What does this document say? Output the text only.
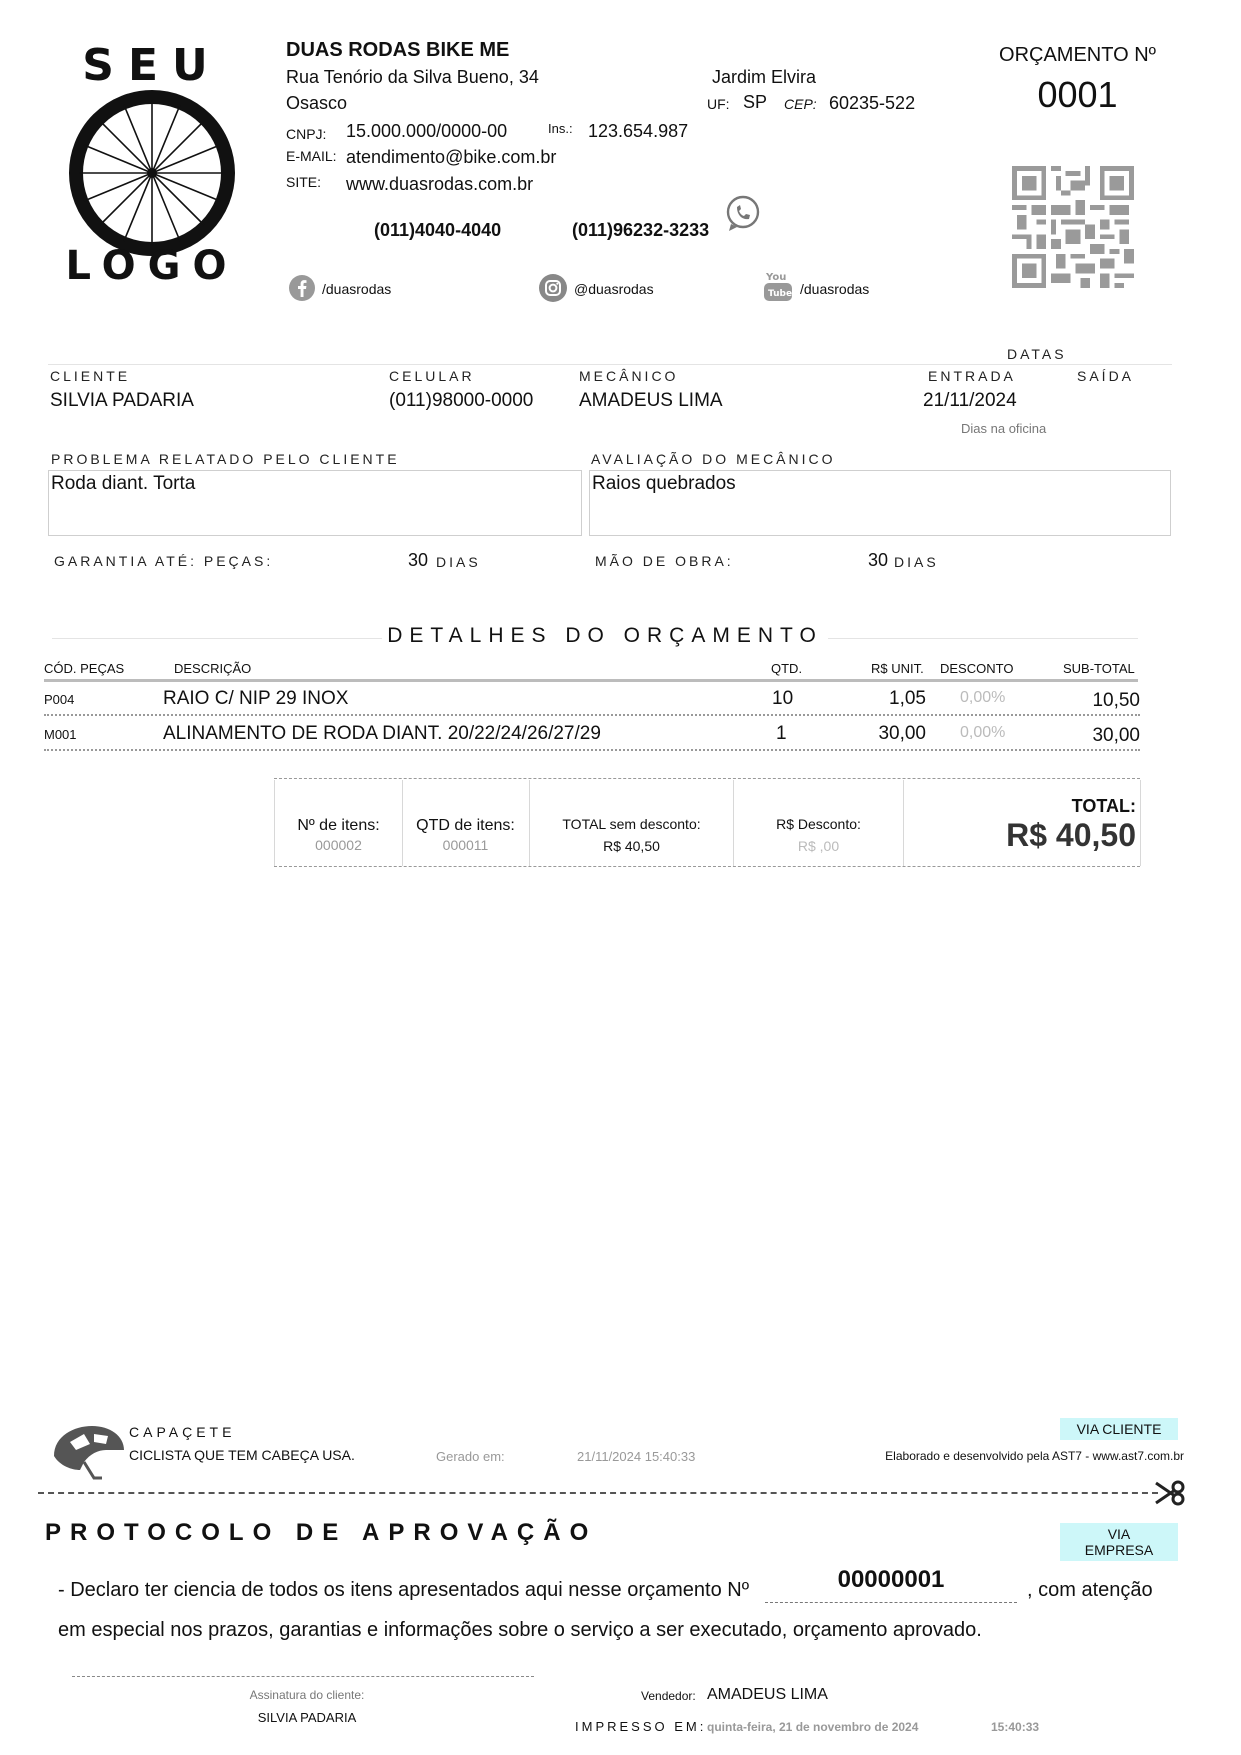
SEU
LOGO
DUAS RODAS BIKE ME
Rua Tenório da Silva Bueno, 34	Jardim Elvira
Osasco	UF: SP CEP: 60235-522
CNPJ: 15.000.000/0000-00	Ins.: 123.654.987
E-MAIL: atendimento@bike.com.br
SITE: www.duasrodas.com.br
(011)4040-4040	(011)96232-3233
/duasrodas	@duasrodas
You
Tube /duasrodas
ORÇAMENTO Nº
0001
DATAS
CLIENTE
SILVIA PADARIA
CELULAR
(011)98000-0000
MECÂNICO
AMADEUS LIMA
ENTRADA
21/11/2024
SAÍDA
Dias na oficina
PROBLEMA RELATADO PELO CLIENTE
Roda diant. Torta
AVALIAÇÃO DO MECÂNICO
Raios quebrados
GARANTIA ATÉ: PEÇAS:	30 DIAS	MÃO DE OBRA:	30 DIAS
DETALHES DO ORÇAMENTO
CÓD. PEÇAS	DESCRIÇÃO	QTD.	R$ UNIT. DESCONTO	SUB-TOTAL
P004	RAIO C/ NIP 29 INOX	10	1,05 0,00%	10,50
M001	ALINAMENTO DE RODA DIANT. 20/22/24/26/27/29	1	30,00 0,00%	30,00
Nº de itens:
000002
QTD de itens:
000011
TOTAL sem desconto:
R$ 40,50
R$ Desconto:
R$ ,00
TOTAL:
R$ 40,50
CAPAÇETE
CICLISTA QUE TEM CABEÇA USA.	Gerado em:	21/11/2024 15:40:33
VIA CLIENTE
Elaborado e desenvolvido pela AST7 - www.ast7.com.br
PROTOCOLO DE APROVAÇÃO	VIA EMPRESA
- Declaro ter ciencia de todos os itens apresentados aqui nesse orçamento Nº	00000001	, com atenção
em especial nos prazos, garantias e informações sobre o serviço a ser executado, orçamento aprovado.
Assinatura do cliente:
SILVIA PADARIA
Vendedor: AMADEUS LIMA
IMPRESSO EM: quinta-feira, 21 de novembro de 2024	15:40:33
